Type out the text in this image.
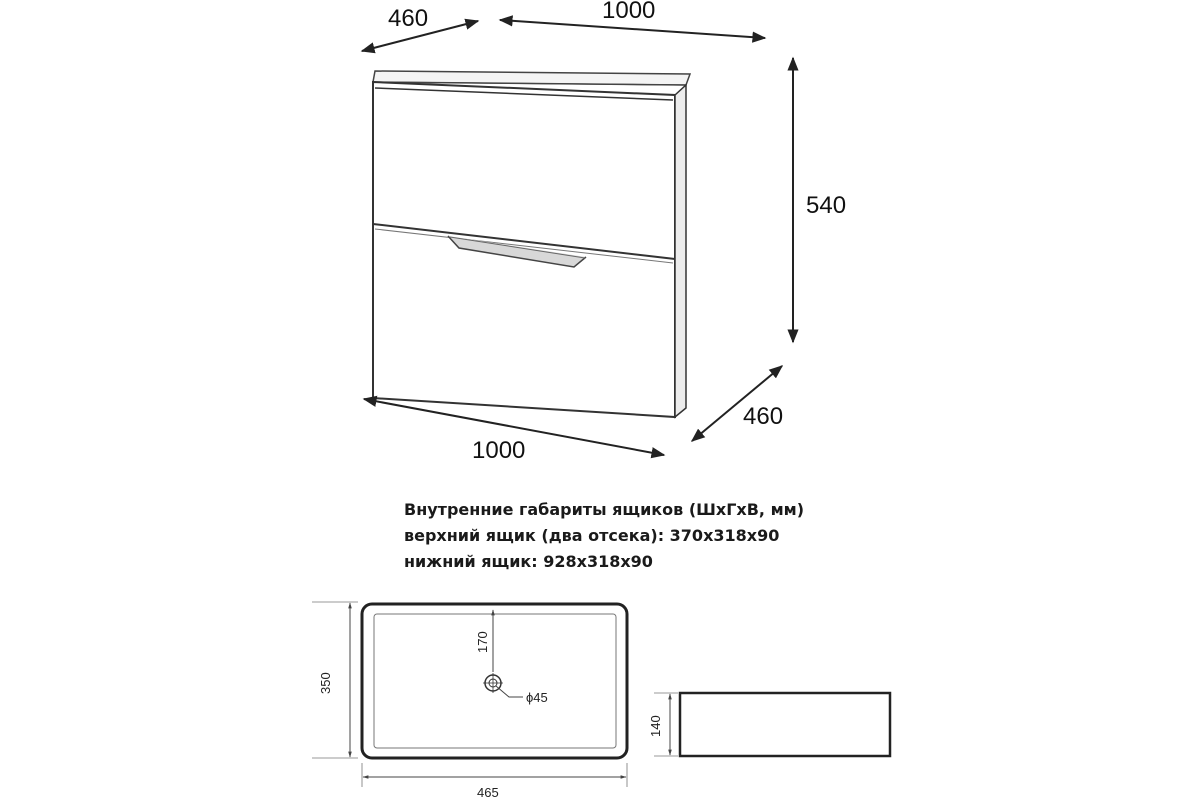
460	1000
540
460
1000
350
465
170
ϕ45
140
Внутренние габариты ящиков (ШхГхВ, мм)
верхний ящик (два отсека): 370х318х90
нижний ящик: 928х318х90
